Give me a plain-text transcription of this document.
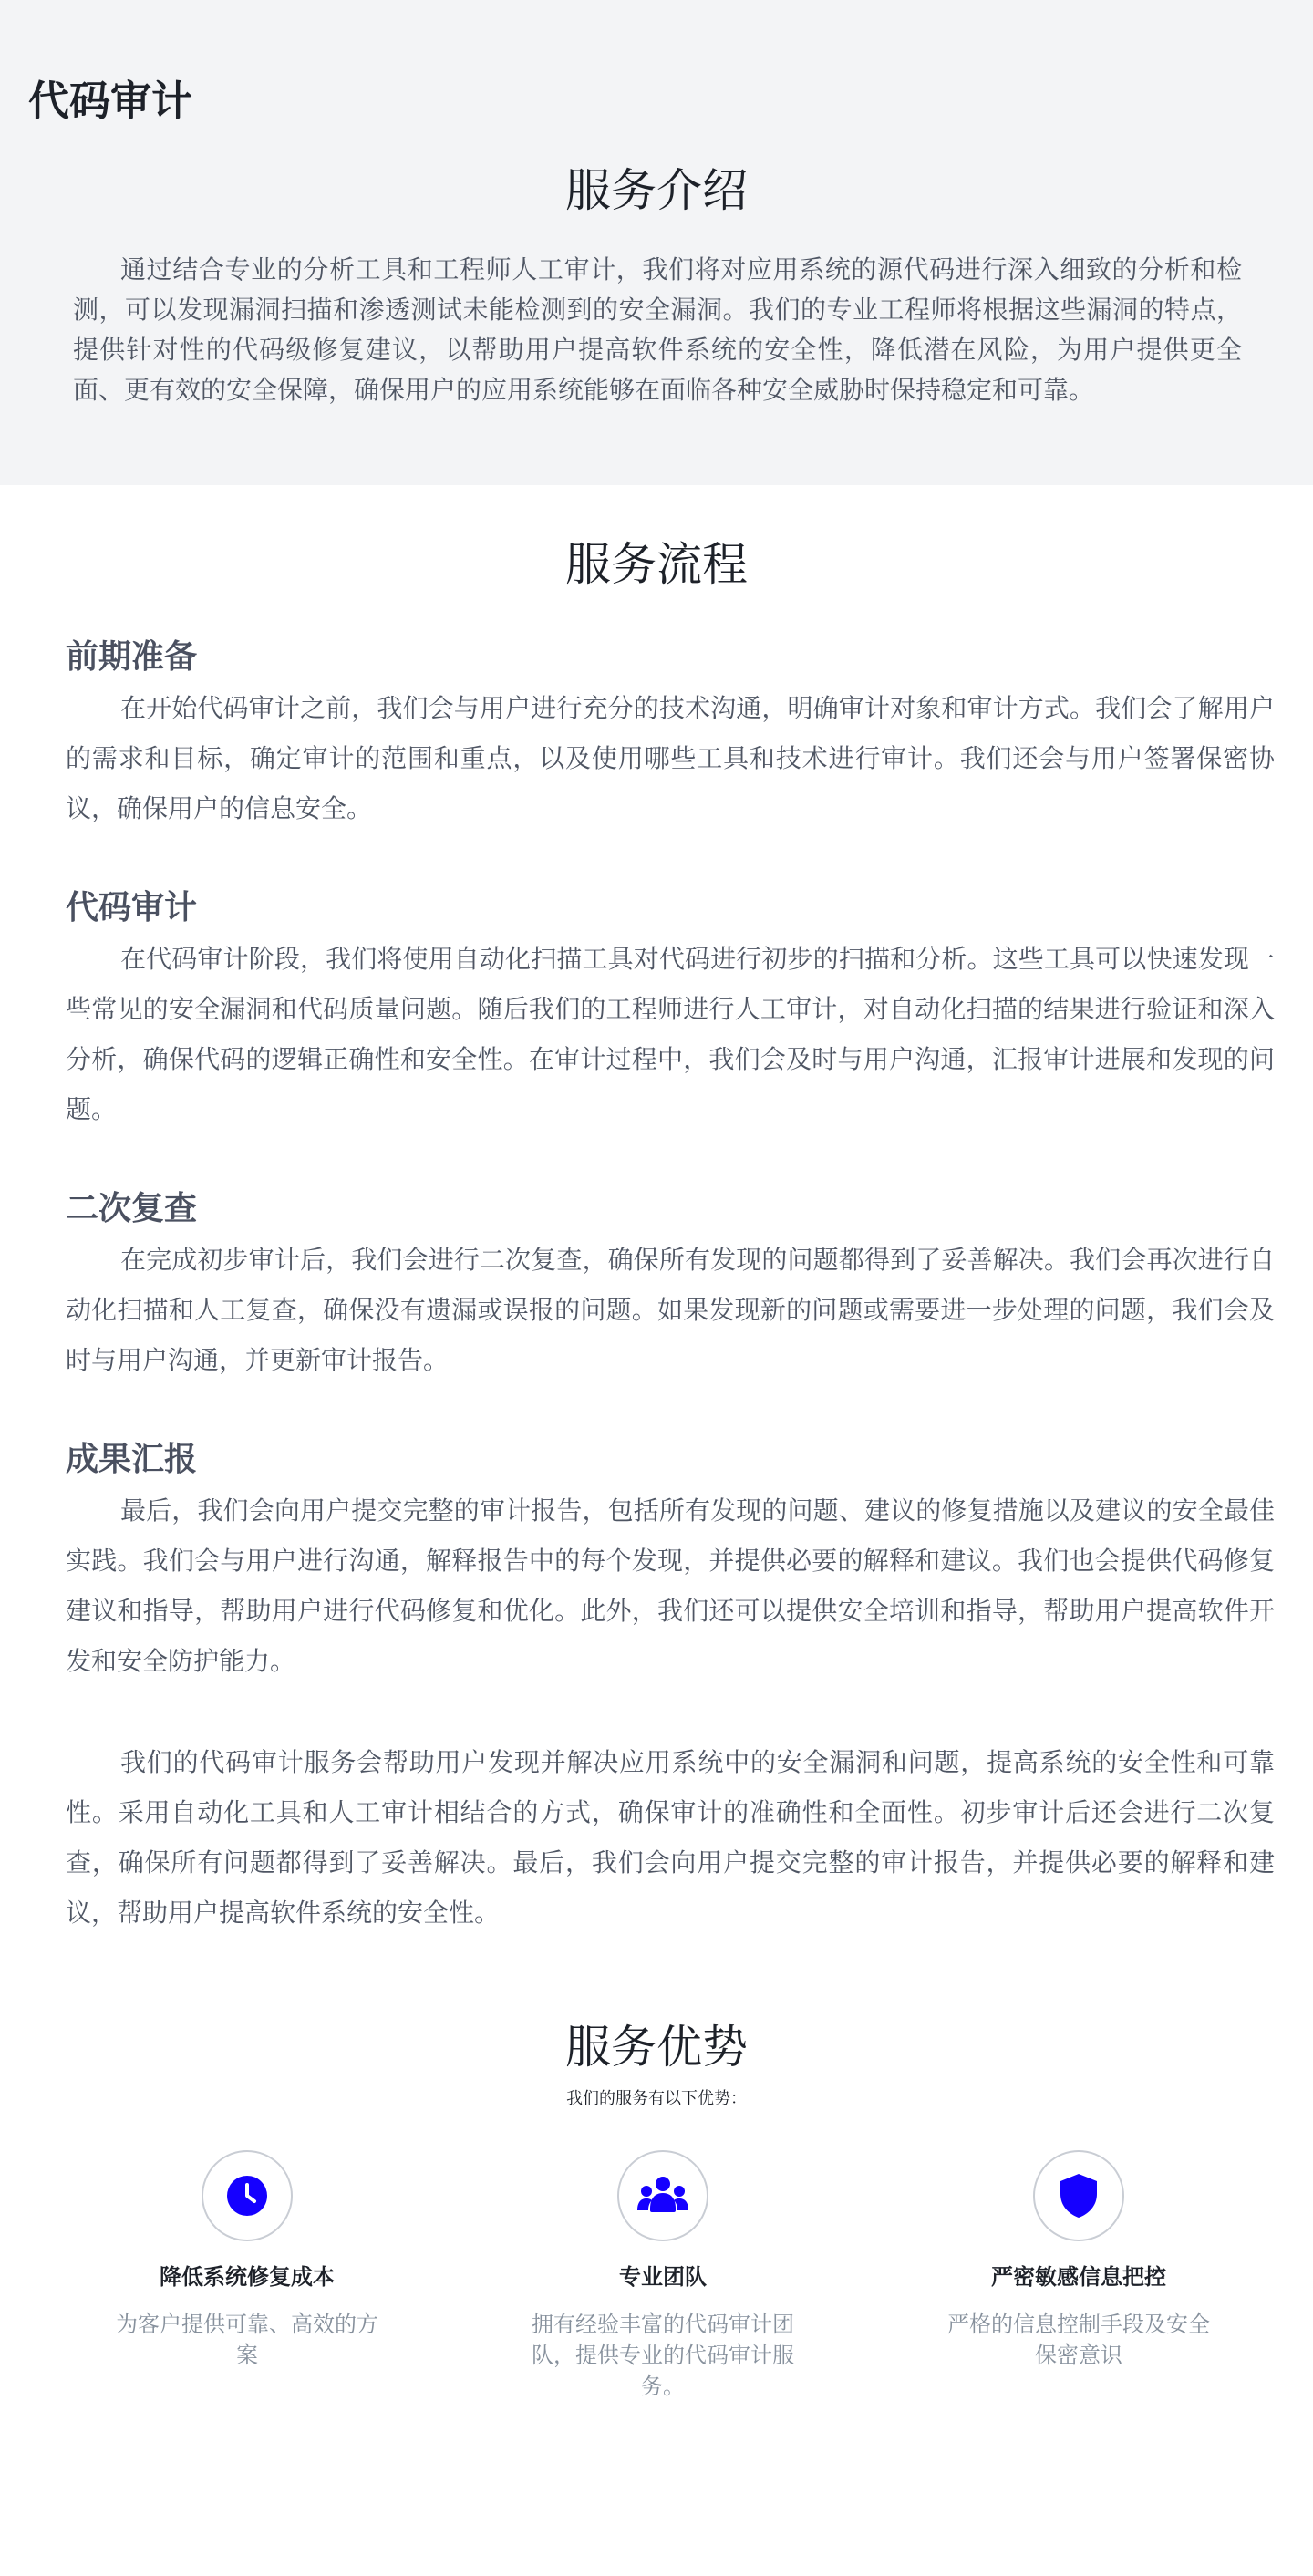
代码审计
服务介绍

通过结合专业的分析工具和工程师人工审计，我们将对应用系统的源代码进行深入细致的分析和检测，可以发现漏洞扫描和渗透测试未能检测到的安全漏洞。我们的专业工程师将根据这些漏洞的特点，提供针对性的代码级修复建议，以帮助用户提高软件系统的安全性，降低潜在风险，为用户提供更全面、更有效的安全保障，确保用户的应用系统能够在面临各种安全威胁时保持稳定和可靠。

服务流程
前期准备

在开始代码审计之前，我们会与用户进行充分的技术沟通，明确审计对象和审计方式。我们会了解用户的需求和目标，确定审计的范围和重点，以及使用哪些工具和技术进行审计。我们还会与用户签署保密协议，确保用户的信息安全。

代码审计

在代码审计阶段，我们将使用自动化扫描工具对代码进行初步的扫描和分析。这些工具可以快速发现一些常见的安全漏洞和代码质量问题。随后我们的工程师进行人工审计，对自动化扫描的结果进行验证和深入分析，确保代码的逻辑正确性和安全性。在审计过程中，我们会及时与用户沟通，汇报审计进展和发现的问题。

二次复查

在完成初步审计后，我们会进行二次复查，确保所有发现的问题都得到了妥善解决。我们会再次进行自动化扫描和人工复查，确保没有遗漏或误报的问题。如果发现新的问题或需要进一步处理的问题，我们会及时与用户沟通，并更新审计报告。

成果汇报

最后，我们会向用户提交完整的审计报告，包括所有发现的问题、建议的修复措施以及建议的安全最佳实践。我们会与用户进行沟通，解释报告中的每个发现，并提供必要的解释和建议。我们也会提供代码修复建议和指导，帮助用户进行代码修复和优化。此外，我们还可以提供安全培训和指导，帮助用户提高软件开发和安全防护能力。

我们的代码审计服务会帮助用户发现并解决应用系统中的安全漏洞和问题，提高系统的安全性和可靠性。采用自动化工具和人工审计相结合的方式，确保审计的准确性和全面性。初步审计后还会进行二次复查，确保所有问题都得到了妥善解决。最后，我们会向用户提交完整的审计报告，并提供必要的解释和建议，帮助用户提高软件系统的安全性。

服务优势

我们的服务有以下优势：

降低系统修复成本

为客户提供可靠、高效的方案

专业团队

拥有经验丰富的代码审计团队，提供专业的代码审计服务。

严密敏感信息把控

严格的信息控制手段及安全保密意识
